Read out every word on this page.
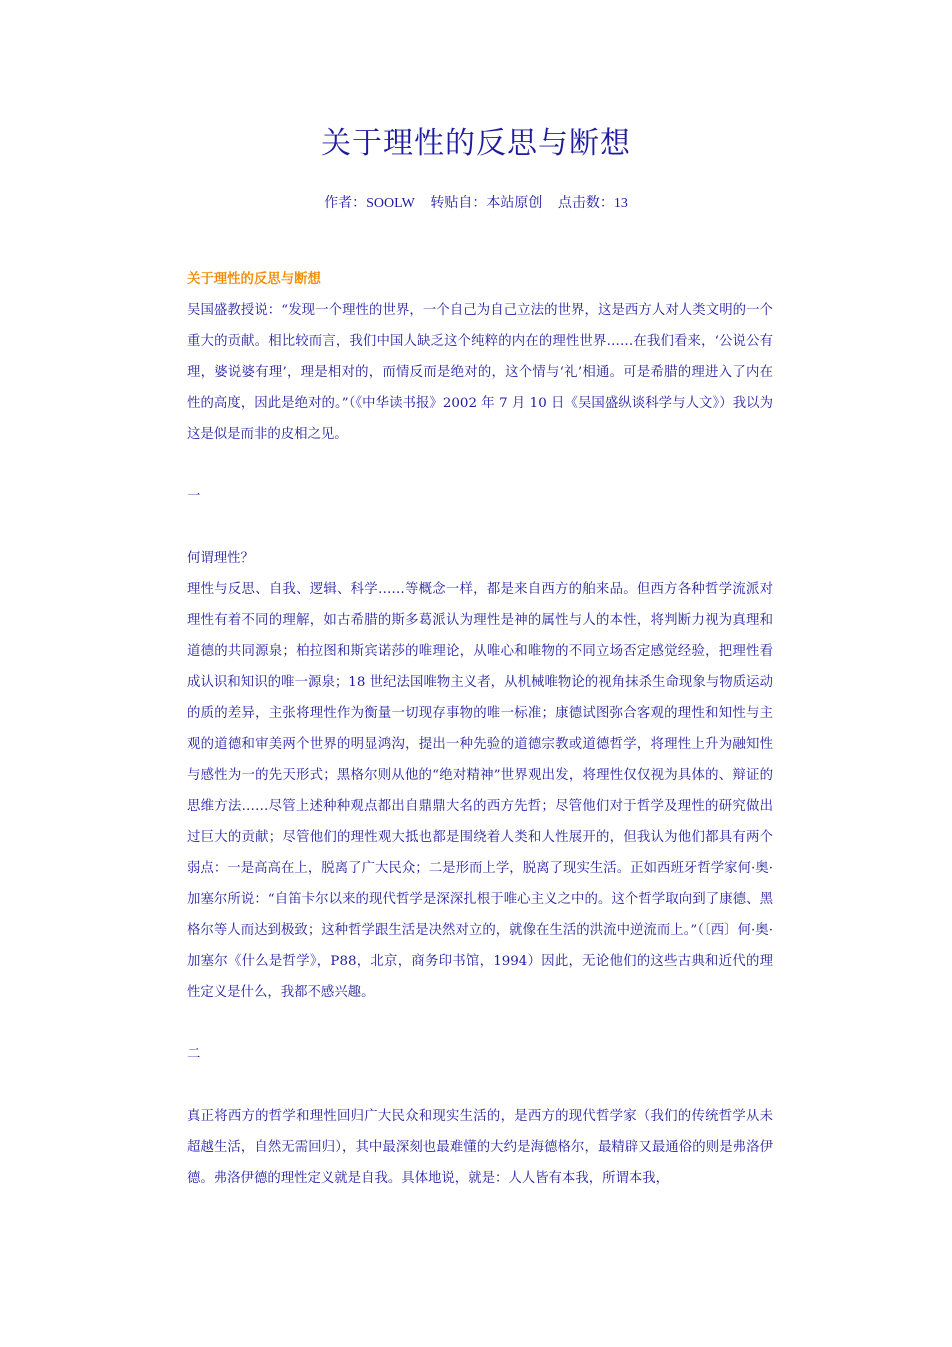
关于理性的反思与断想
作者：SOOLW 转贴自：本站原创 点击数：13

关于理性的反思与断想

吴国盛教授说：“发现一个理性的世界，一个自己为自己立法的世界，这是西方人对人类文明的一个重大的贡献。相比较而言，我们中国人缺乏这个纯粹的内在的理性世界……在我们看来，‘公说公有理，婆说婆有理’，理是相对的，而情反而是绝对的，这个情与‘礼’相通。可是希腊的理进入了内在性的高度，因此是绝对的。”（《中华读书报》2002 年 7 月 10 日《吴国盛纵谈科学与人文》）我以为这是似是而非的皮相之见。

一

何谓理性？

理性与反思、自我、逻辑、科学……等概念一样，都是来自西方的舶来品。但西方各种哲学流派对理性有着不同的理解，如古希腊的斯多葛派认为理性是神的属性与人的本性，将判断力视为真理和道德的共同源泉；柏拉图和斯宾诺莎的唯理论，从唯心和唯物的不同立场否定感觉经验，把理性看成认识和知识的唯一源泉；18 世纪法国唯物主义者，从机械唯物论的视角抹杀生命现象与物质运动的质的差异，主张将理性作为衡量一切现存事物的唯一标准；康德试图弥合客观的理性和知性与主观的道德和审美两个世界的明显鸿沟，提出一种先验的道德宗教或道德哲学，将理性上升为融知性与感性为一的先天形式；黑格尔则从他的“绝对精神”世界观出发，将理性仅仅视为具体的、辩证的思维方法……尽管上述种种观点都出自鼎鼎大名的西方先哲；尽管他们对于哲学及理性的研究做出过巨大的贡献；尽管他们的理性观大抵也都是围绕着人类和人性展开的，但我认为他们都具有两个弱点：一是高高在上，脱离了广大民众；二是形而上学，脱离了现实生活。正如西班牙哲学家何·奥·加塞尔所说：“自笛卡尔以来的现代哲学是深深扎根于唯心主义之中的。这个哲学取向到了康德、黑格尔等人而达到极致；这种哲学跟生活是决然对立的，就像在生活的洪流中逆流而上。”（〔西〕何·奥·加塞尔《什么是哲学》，P88，北京，商务印书馆，1994）因此，无论他们的这些古典和近代的理性定义是什么，我都不感兴趣。

二

真正将西方的哲学和理性回归广大民众和现实生活的，是西方的现代哲学家（我们的传统哲学从未超越生活，自然无需回归），其中最深刻也最难懂的大约是海德格尔，最精辟又最通俗的则是弗洛伊德。弗洛伊德的理性定义就是自我。具体地说，就是：人人皆有本我，所谓本我，
